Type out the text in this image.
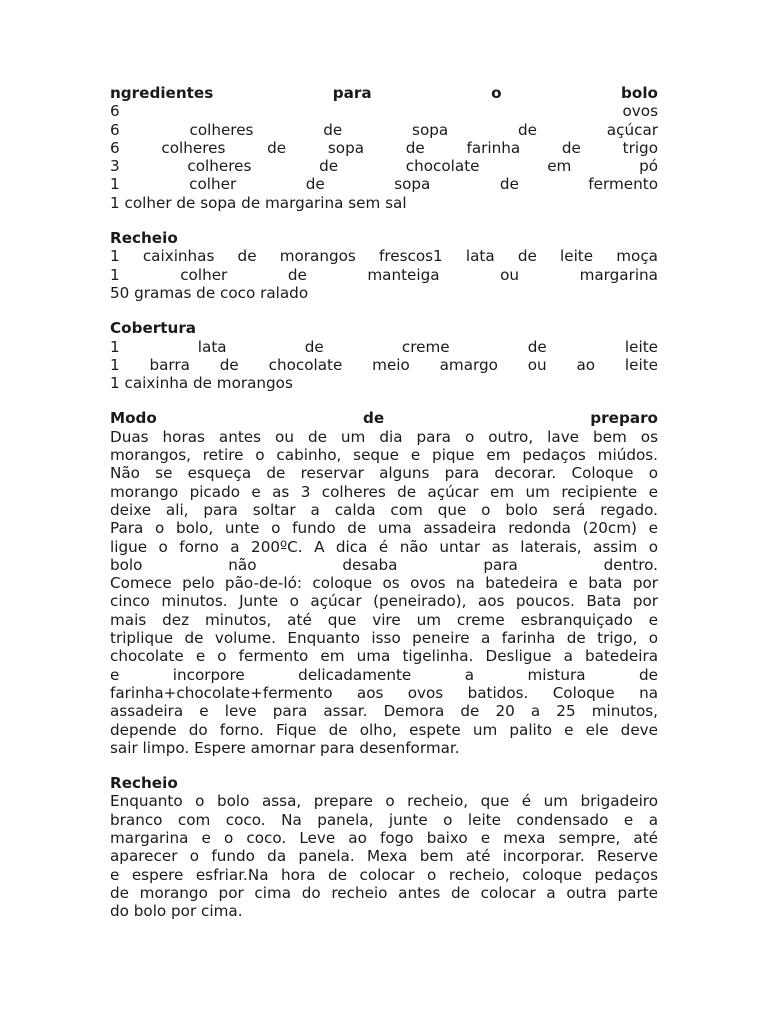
ngredientes para o bolo
6 ovos
6 colheres de sopa de açúcar
6 colheres de sopa de farinha de trigo
3 colheres de chocolate em pó
1 colher de sopa de fermento
1 colher de sopa de margarina sem sal
Recheio
1 caixinhas de morangos frescos1 lata de leite moça
1 colher de manteiga ou margarina
50 gramas de coco ralado
Cobertura
1 lata de creme de leite
1 barra de chocolate meio amargo ou ao leite
1 caixinha de morangos
Modo de preparo
Duas horas antes ou de um dia para o outro, lave bem os
morangos, retire o cabinho, seque e pique em pedaços miúdos.
Não se esqueça de reservar alguns para decorar. Coloque o
morango picado e as 3 colheres de açúcar em um recipiente e
deixe ali, para soltar a calda com que o bolo será regado.
Para o bolo, unte o fundo de uma assadeira redonda (20cm) e
ligue o forno a 200ºC. A dica é não untar as laterais, assim o
bolo não desaba para dentro.
Comece pelo pão-de-ló: coloque os ovos na batedeira e bata por
cinco minutos. Junte o açúcar (peneirado), aos poucos. Bata por
mais dez minutos, até que vire um creme esbranquiçado e
triplique de volume. Enquanto isso peneire a farinha de trigo, o
chocolate e o fermento em uma tigelinha. Desligue a batedeira
e incorpore delicadamente a mistura de
farinha+chocolate+fermento aos ovos batidos. Coloque na
assadeira e leve para assar. Demora de 20 a 25 minutos,
depende do forno. Fique de olho, espete um palito e ele deve
sair limpo. Espere amornar para desenformar.
Recheio
Enquanto o bolo assa, prepare o recheio, que é um brigadeiro
branco com coco. Na panela, junte o leite condensado e a
margarina e o coco. Leve ao fogo baixo e mexa sempre, até
aparecer o fundo da panela. Mexa bem até incorporar. Reserve
e espere esfriar.Na hora de colocar o recheio, coloque pedaços
de morango por cima do recheio antes de colocar a outra parte
do bolo por cima.
